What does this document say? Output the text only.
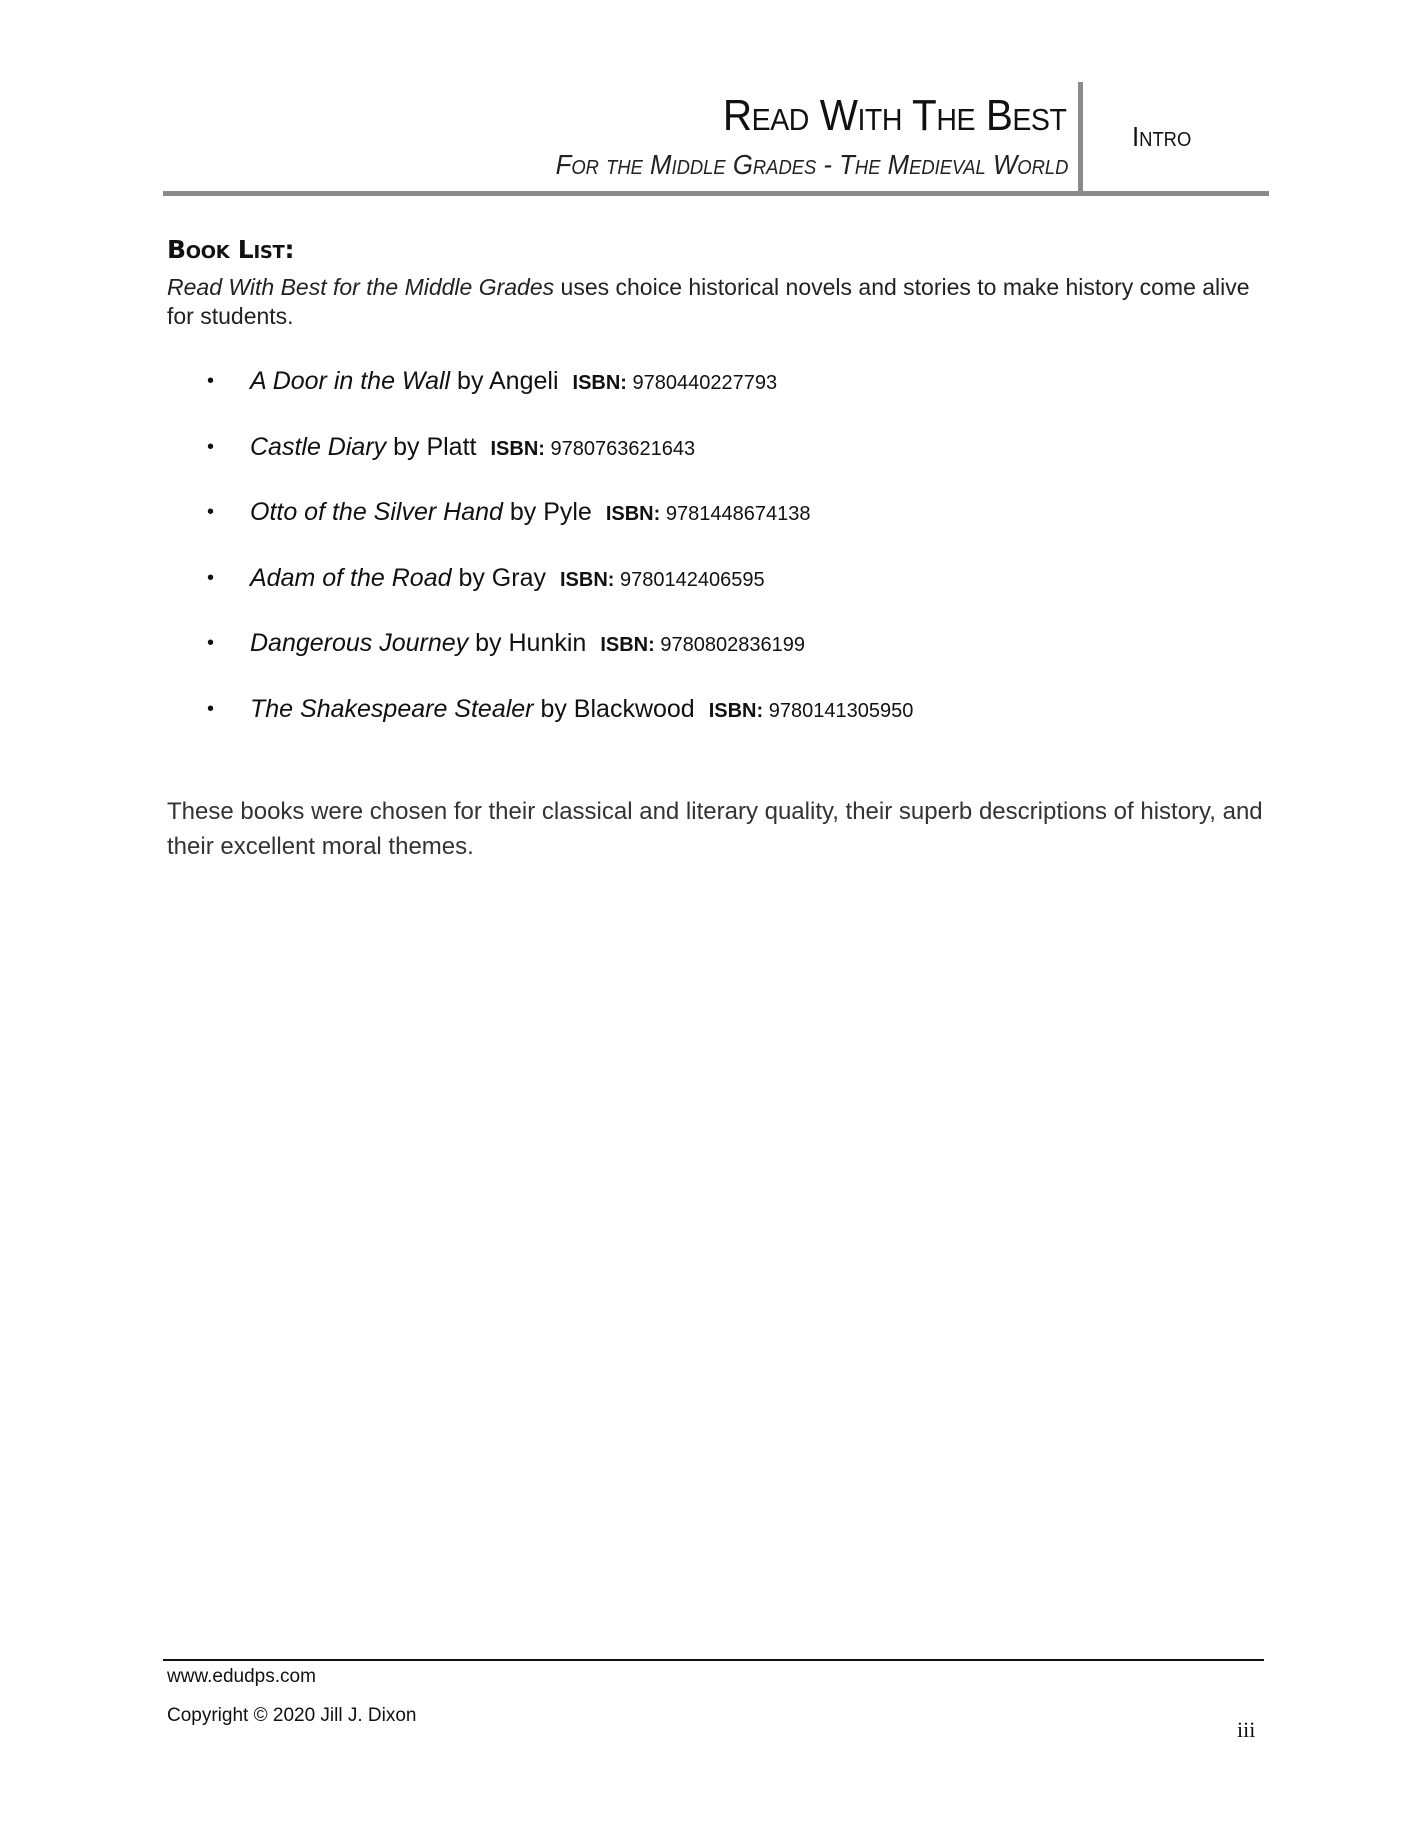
Read With The Best
For the Middle Grades - The Medieval World
Intro
Book List:
Read With Best for the Middle Grades uses choice historical novels and stories to make history come alive for students.
• A Door in the Wall by Angeli ISBN: 9780440227793
• Castle Diary by Platt ISBN: 9780763621643
• Otto of the Silver Hand by Pyle ISBN: 9781448674138
• Adam of the Road by Gray ISBN: 9780142406595
• Dangerous Journey by Hunkin ISBN: 9780802836199
• The Shakespeare Stealer by Blackwood ISBN: 9780141305950
These books were chosen for their classical and literary quality, their superb descriptions of history, and their excellent moral themes.
www.edudps.com
Copyright © 2020 Jill J. Dixon
iii
